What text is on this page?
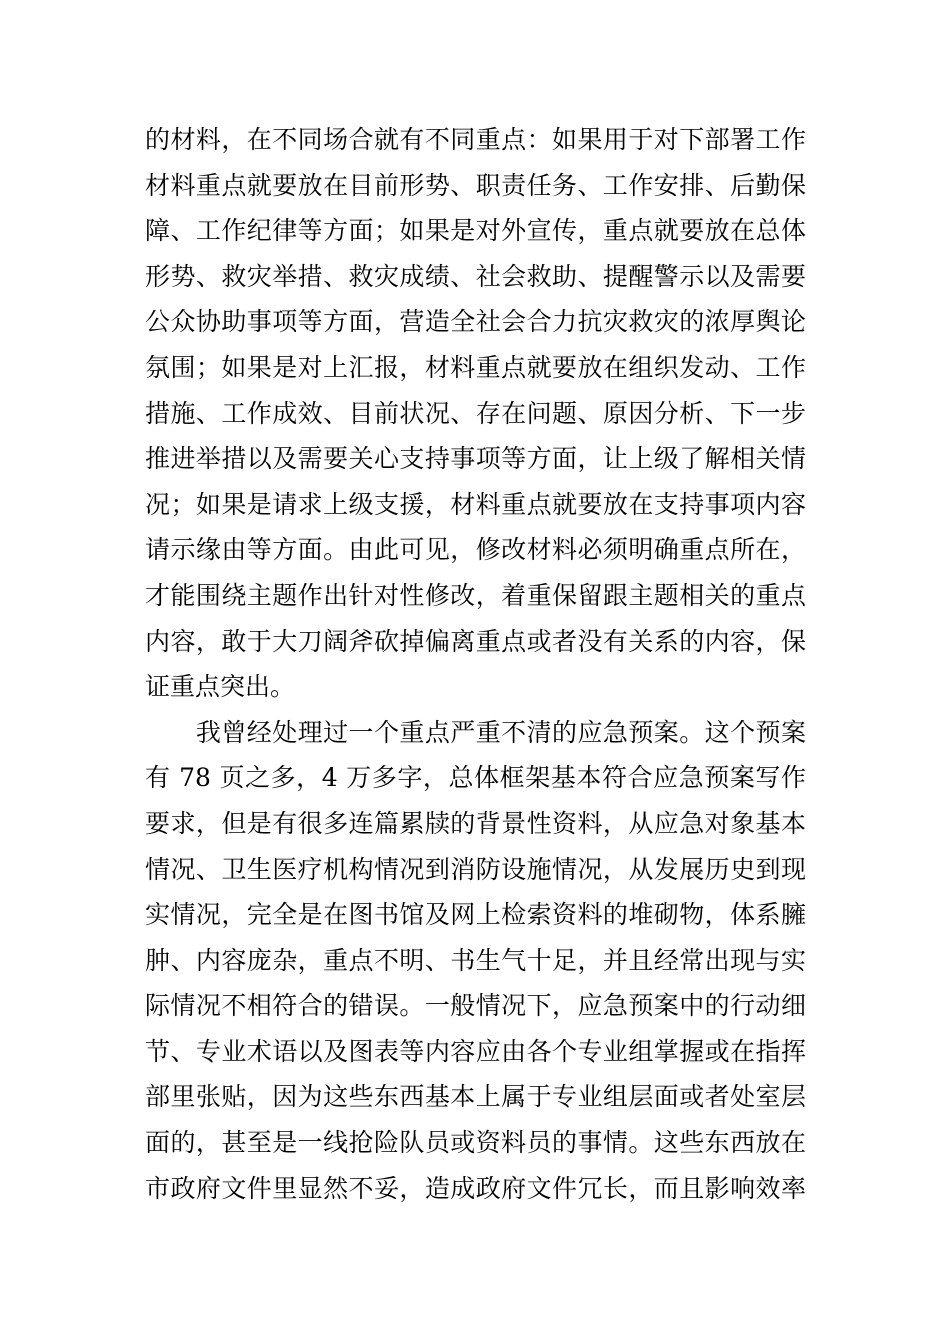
的材料，在不同场合就有不同重点：如果用于对下部署工作
材料重点就要放在目前形势、职责任务、工作安排、后勤保
障、工作纪律等方面；如果是对外宣传，重点就要放在总体
形势、救灾举措、救灾成绩、社会救助、提醒警示以及需要
公众协助事项等方面，营造全社会合力抗灾救灾的浓厚舆论
氛围；如果是对上汇报，材料重点就要放在组织发动、工作
措施、工作成效、目前状况、存在问题、原因分析、下一步
推进举措以及需要关心支持事项等方面，让上级了解相关情
况；如果是请求上级支援，材料重点就要放在支持事项内容
请示缘由等方面。由此可见，修改材料必须明确重点所在，
才能围绕主题作出针对性修改，着重保留跟主题相关的重点
内容，敢于大刀阔斧砍掉偏离重点或者没有关系的内容，保
证重点突出。
　　我曾经处理过一个重点严重不清的应急预案。这个预案
有 78 页之多，4 万多字，总体框架基本符合应急预案写作
要求，但是有很多连篇累牍的背景性资料，从应急对象基本
情况、卫生医疗机构情况到消防设施情况，从发展历史到现
实情况，完全是在图书馆及网上检索资料的堆砌物，体系臃
肿、内容庞杂，重点不明、书生气十足，并且经常出现与实
际情况不相符合的错误。一般情况下，应急预案中的行动细
节、专业术语以及图表等内容应由各个专业组掌握或在指挥
部里张贴，因为这些东西基本上属于专业组层面或者处室层
面的，甚至是一线抢险队员或资料员的事情。这些东西放在
市政府文件里显然不妥，造成政府文件冗长，而且影响效率
